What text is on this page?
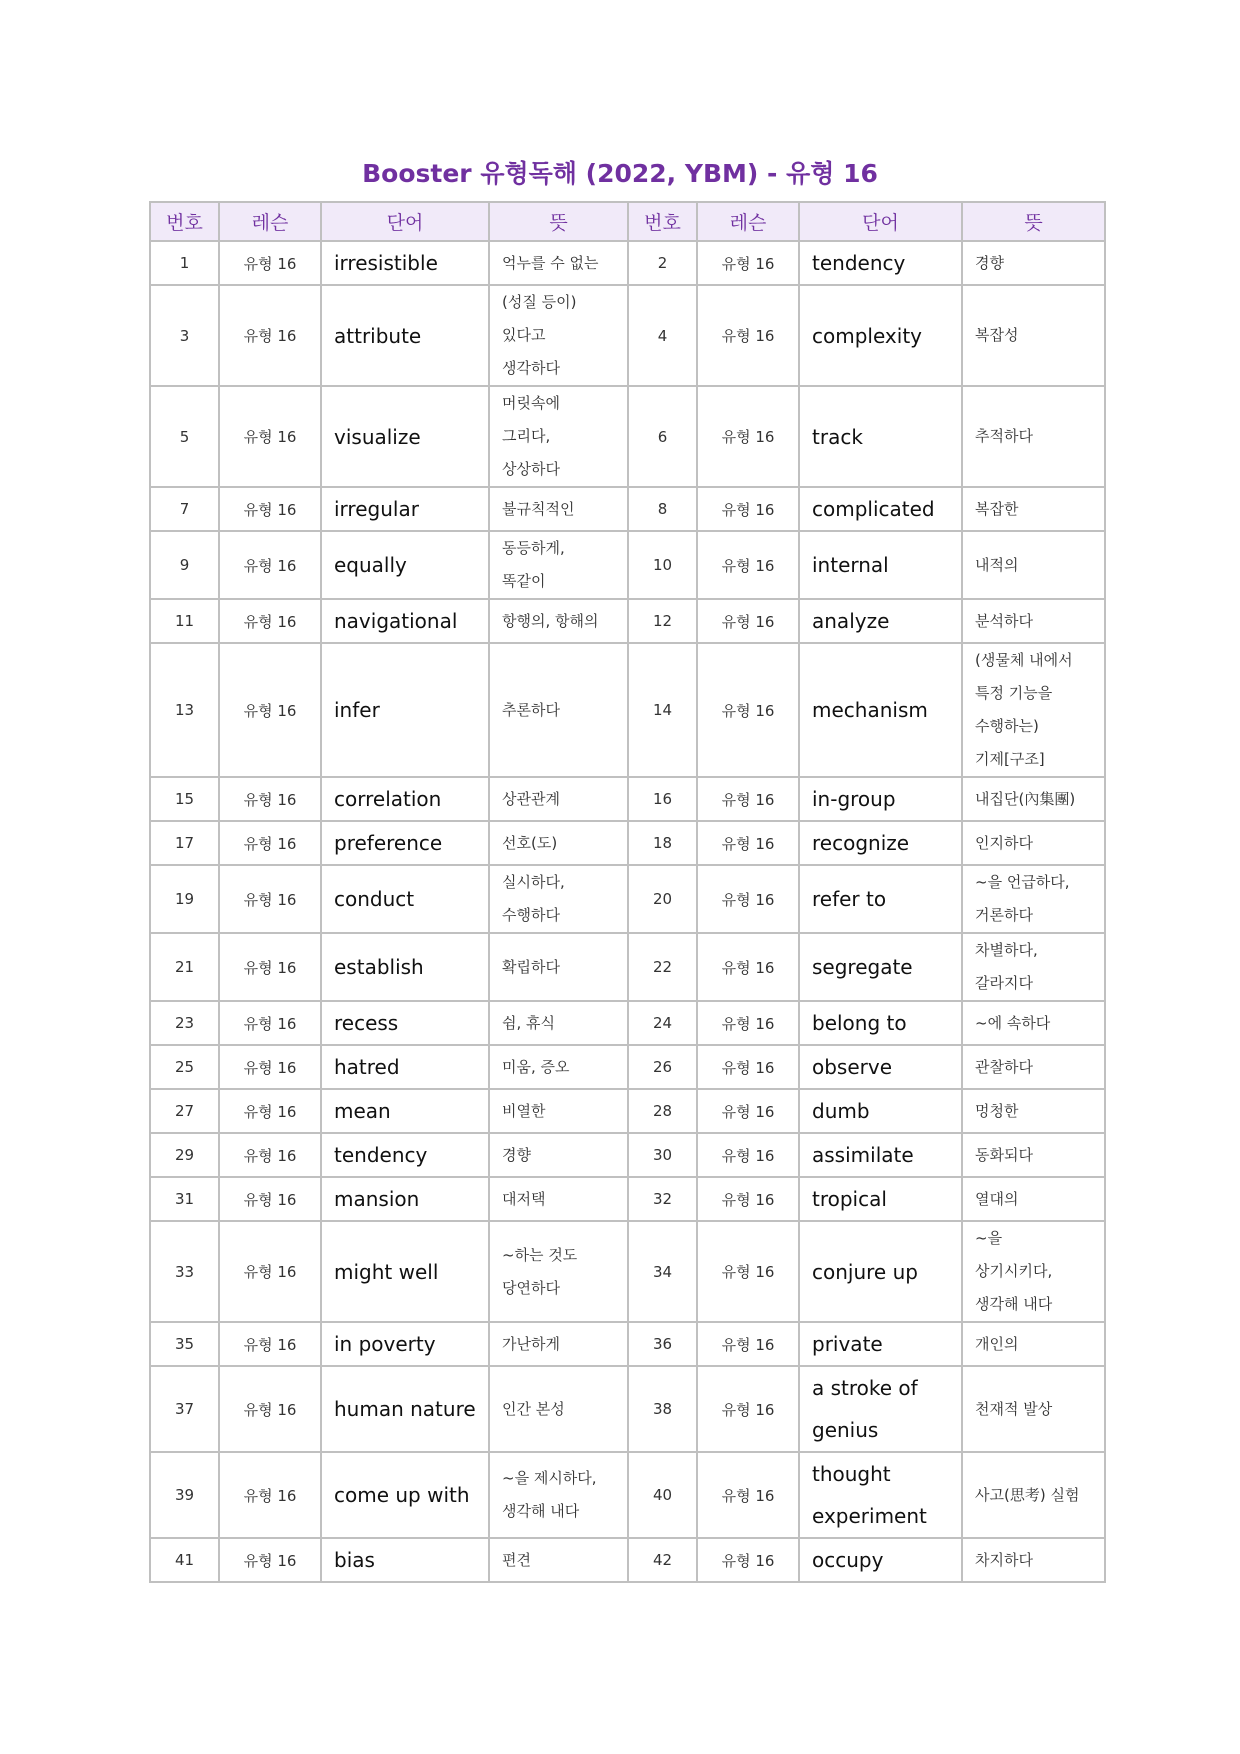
Booster 유형독해 (2022, YBM) - 유형 16
번호	레슨	단어	뜻	번호	레슨	단어	뜻
1	유형 16	irresistible	억누를 수 없는	2	유형 16	tendency	경향

3	유형 16	attribute	(성질 등이)
있다고
생각하다	4	유형 16	complexity	복잡성

5	유형 16	visualize	머릿속에
그리다,
상상하다	6	유형 16	track	추적하다

7	유형 16	irregular	불규칙적인	8	유형 16	complicated	복잡한

9	유형 16	equally	동등하게,
똑같이	10	유형 16	internal	내적의

11	유형 16	navigational	항행의, 항해의	12	유형 16	analyze	분석하다

13	유형 16	infer	추론하다	14	유형 16	mechanism	(생물체 내에서
특정 기능을
수행하는)
기제[구조]

15	유형 16	correlation	상관관계	16	유형 16	in-group	내집단(內集團)

17	유형 16	preference	선호(도)	18	유형 16	recognize	인지하다

19	유형 16	conduct	실시하다,
수행하다	20	유형 16	refer to	~을 언급하다,
거론하다

21	유형 16	establish	확립하다	22	유형 16	segregate	차별하다,
갈라지다

23	유형 16	recess	쉼, 휴식	24	유형 16	belong to	~에 속하다

25	유형 16	hatred	미움, 증오	26	유형 16	observe	관찰하다

27	유형 16	mean	비열한	28	유형 16	dumb	멍청한

29	유형 16	tendency	경향	30	유형 16	assimilate	동화되다

31	유형 16	mansion	대저택	32	유형 16	tropical	열대의

33	유형 16	might well	~하는 것도
당연하다	34	유형 16	conjure up	~을
상기시키다,
생각해 내다

35	유형 16	in poverty	가난하게	36	유형 16	private	개인의

37	유형 16	human nature	인간 본성	38	유형 16	a stroke of
genius	천재적 발상

39	유형 16	come up with	~을 제시하다,
생각해 내다	40	유형 16	thought
experiment	사고(思考) 실험

41	유형 16	bias	편견	42	유형 16	occupy	차지하다
